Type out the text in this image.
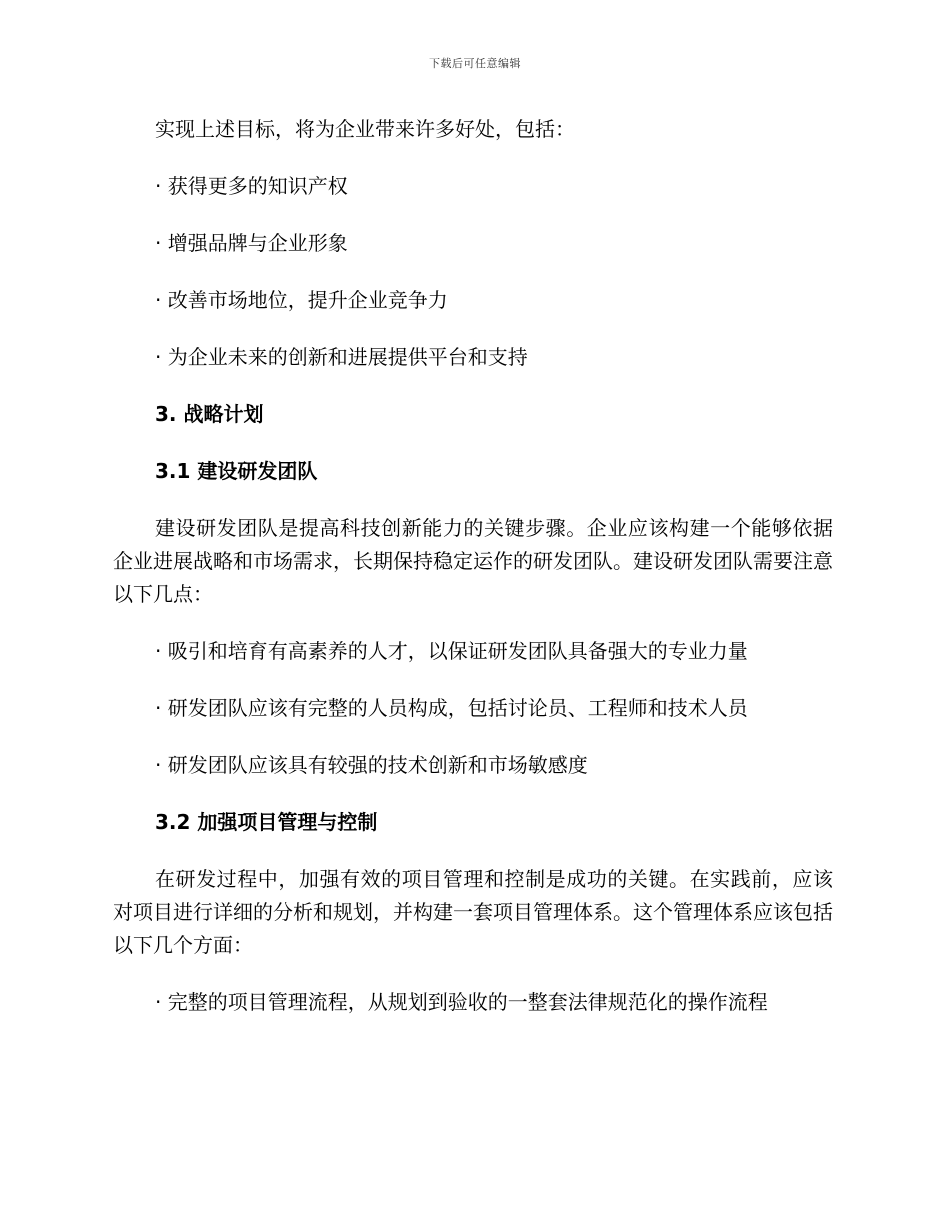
下载后可任意编辑

实现上述目标，将为企业带来许多好处，包括：

· 获得更多的知识产权

· 增强品牌与企业形象

· 改善市场地位，提升企业竞争力

· 为企业未来的创新和进展提供平台和支持

3. 战略计划

3.1 建设研发团队

建设研发团队是提高科技创新能力的关键步骤。企业应该构建一个能够依据企业进展战略和市场需求，长期保持稳定运作的研发团队。建设研发团队需要注意以下几点：

· 吸引和培育有高素养的人才，以保证研发团队具备强大的专业力量

· 研发团队应该有完整的人员构成，包括讨论员、工程师和技术人员

· 研发团队应该具有较强的技术创新和市场敏感度

3.2 加强项目管理与控制

在研发过程中，加强有效的项目管理和控制是成功的关键。在实践前，应该对项目进行详细的分析和规划，并构建一套项目管理体系。这个管理体系应该包括以下几个方面：

· 完整的项目管理流程，从规划到验收的一整套法律规范化的操作流程
